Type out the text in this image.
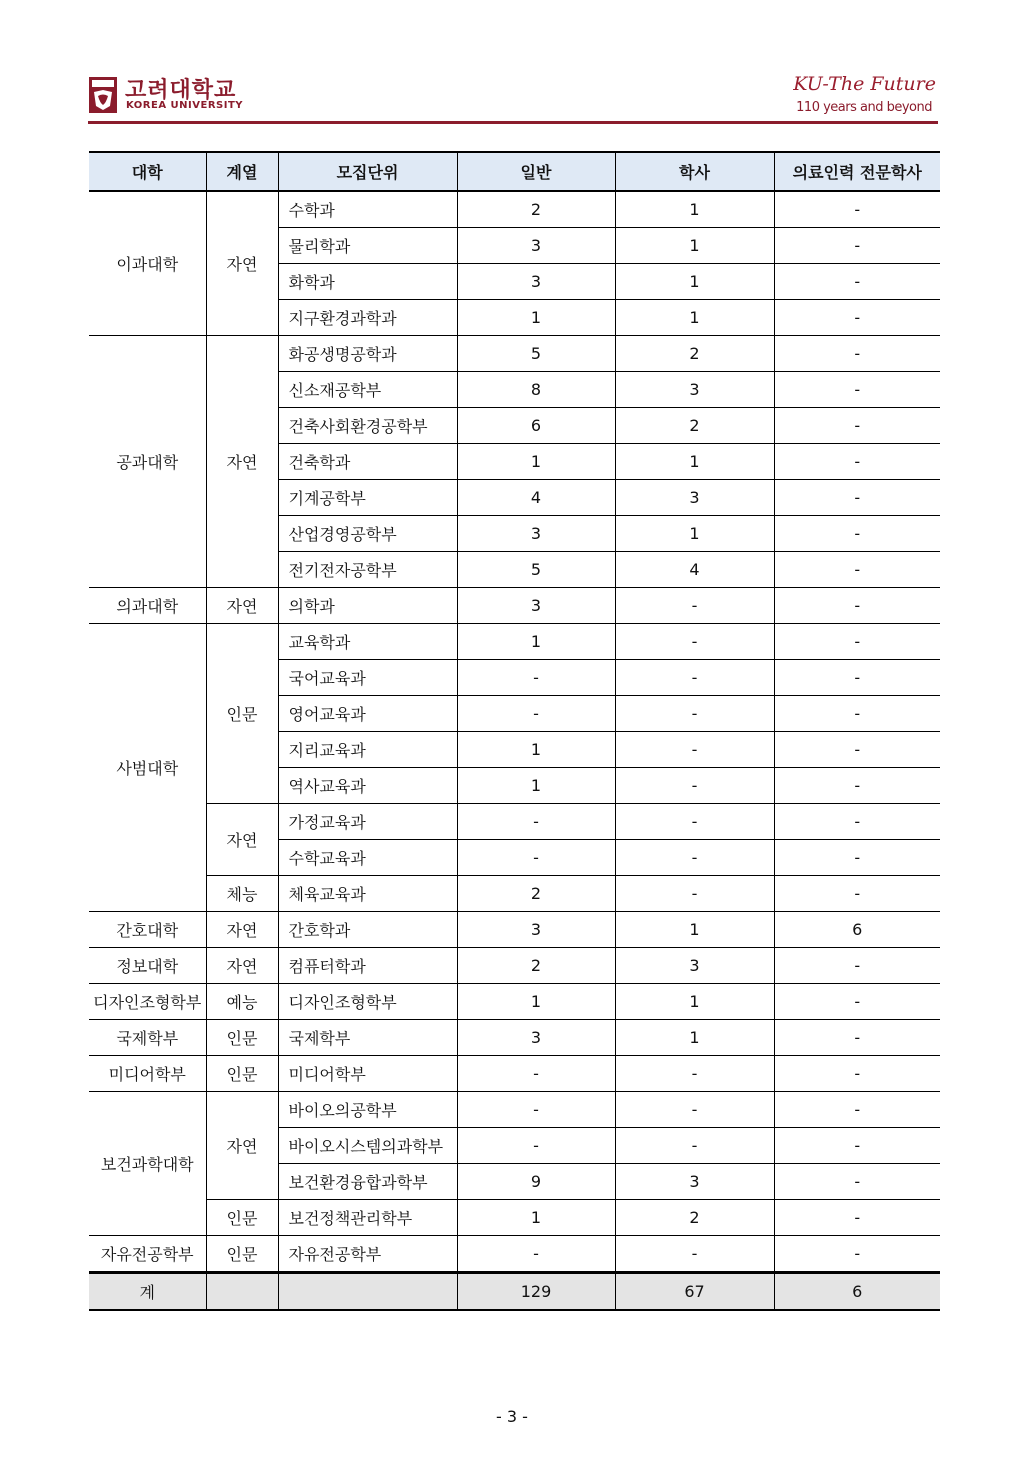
고려대학교
KOREA UNIVERSITY
KU-The Future
110 years and beyond
대학	계열	모집단위	일반	학사	의료인력 전문학사
이과대학	자연	수학과	2	1	-
		물리학과	3	1	-
		화학과	3	1	-
		지구환경과학과	1	1	-
공과대학	자연	화공생명공학과	5	2	-
		신소재공학부	8	3	-
		건축사회환경공학부	6	2	-
		건축학과	1	1	-
		기계공학부	4	3	-
		산업경영공학부	3	1	-
		전기전자공학부	5	4	-
의과대학	자연	의학과	3	-	-
사범대학	인문	교육학과	1	-	-
		국어교육과	-	-	-
		영어교육과	-	-	-
		지리교육과	1	-	-
		역사교육과	1	-	-
	자연	가정교육과	-	-	-
		수학교육과	-	-	-
	체능	체육교육과	2	-	-
간호대학	자연	간호학과	3	1	6
정보대학	자연	컴퓨터학과	2	3	-
디자인조형학부	예능	디자인조형학부	1	1	-
국제학부	인문	국제학부	3	1	-
미디어학부	인문	미디어학부	-	-	-
보건과학대학	자연	바이오의공학부	-	-	-
		바이오시스템의과학부	-	-	-
		보건환경융합과학부	9	3	-
	인문	보건정책관리학부	1	2	-
자유전공학부	인문	자유전공학부	-	-	-
계			129	67	6
- 3 -
